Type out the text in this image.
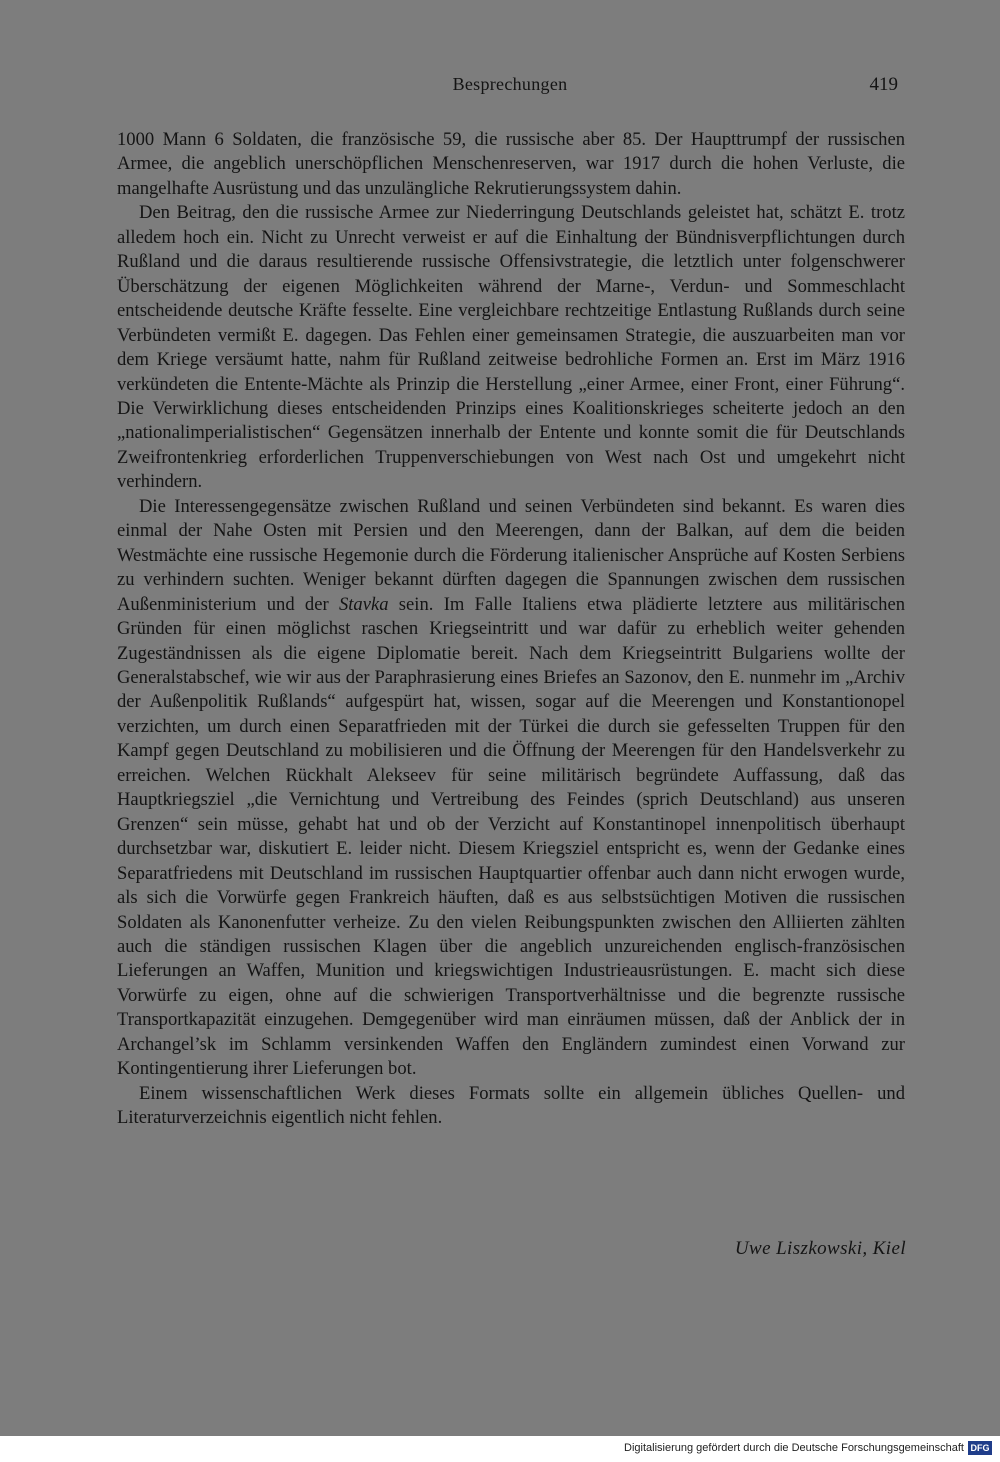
Besprechungen	419

1000 Mann 6 Soldaten, die französische 59, die russische aber 85. Der Haupttrumpf der russischen Armee, die angeblich unerschöpflichen Menschenreserven, war 1917 durch die hohen Verluste, die mangelhafte Ausrüstung und das unzulängliche Rekrutierungssystem dahin.

Den Beitrag, den die russische Armee zur Niederringung Deutschlands geleistet hat, schätzt E. trotz alledem hoch ein. Nicht zu Unrecht verweist er auf die Einhaltung der Bündnisverpflichtungen durch Rußland und die daraus resultierende russische Offensivstrategie, die letztlich unter folgenschwerer Überschätzung der eigenen Möglichkeiten während der Marne-, Verdun- und Sommeschlacht entscheidende deutsche Kräfte fesselte. Eine vergleichbare rechtzeitige Entlastung Rußlands durch seine Verbündeten vermißt E. dagegen. Das Fehlen einer gemeinsamen Strategie, die auszuarbeiten man vor dem Kriege versäumt hatte, nahm für Rußland zeitweise bedrohliche Formen an. Erst im März 1916 verkündeten die Entente-Mächte als Prinzip die Herstellung „einer Armee, einer Front, einer Führung“. Die Verwirklichung dieses entscheidenden Prinzips eines Koalitionskrieges scheiterte jedoch an den „nationalimperialistischen“ Gegensätzen innerhalb der Entente und konnte somit die für Deutschlands Zweifrontenkrieg erforderlichen Truppenverschiebungen von West nach Ost und umgekehrt nicht verhindern.

Die Interessengegensätze zwischen Rußland und seinen Verbündeten sind bekannt. Es waren dies einmal der Nahe Osten mit Persien und den Meerengen, dann der Balkan, auf dem die beiden Westmächte eine russische Hegemonie durch die Förderung italienischer Ansprüche auf Kosten Serbiens zu verhindern suchten. Weniger bekannt dürften dagegen die Spannungen zwischen dem russischen Außenministerium und der Stavka sein. Im Falle Italiens etwa plädierte letztere aus militärischen Gründen für einen möglichst raschen Kriegseintritt und war dafür zu erheblich weiter gehenden Zugeständnissen als die eigene Diplomatie bereit. Nach dem Kriegseintritt Bulgariens wollte der Generalstabschef, wie wir aus der Paraphrasierung eines Briefes an Sazonov, den E. nunmehr im „Archiv der Außenpolitik Rußlands“ aufgespürt hat, wissen, sogar auf die Meerengen und Konstantionopel verzichten, um durch einen Separatfrieden mit der Türkei die durch sie gefesselten Truppen für den Kampf gegen Deutschland zu mobilisieren und die Öffnung der Meerengen für den Handelsverkehr zu erreichen. Welchen Rückhalt Alekseev für seine militärisch begründete Auffassung, daß das Hauptkriegsziel „die Vernichtung und Vertreibung des Feindes (sprich Deutschland) aus unseren Grenzen“ sein müsse, gehabt hat und ob der Verzicht auf Konstantinopel innenpolitisch überhaupt durchsetzbar war, diskutiert E. leider nicht. Diesem Kriegsziel entspricht es, wenn der Gedanke eines Separatfriedens mit Deutschland im russischen Hauptquartier offenbar auch dann nicht erwogen wurde, als sich die Vorwürfe gegen Frankreich häuften, daß es aus selbstsüchtigen Motiven die russischen Soldaten als Kanonenfutter verheize. Zu den vielen Reibungspunkten zwischen den Alliierten zählten auch die ständigen russischen Klagen über die angeblich unzureichenden englisch-französischen Lieferungen an Waffen, Munition und kriegswichtigen Industrieausrüstungen. E. macht sich diese Vorwürfe zu eigen, ohne auf die schwierigen Transportverhältnisse und die begrenzte russische Transportkapazität einzugehen. Demgegenüber wird man einräumen müssen, daß der Anblick der in Archangel’sk im Schlamm versinkenden Waffen den Engländern zumindest einen Vorwand zur Kontingentierung ihrer Lieferungen bot.

Einem wissenschaftlichen Werk dieses Formats sollte ein allgemein übliches Quellen- und Literaturverzeichnis eigentlich nicht fehlen.

Uwe Liszkowski, Kiel
Digitalisierung gefördert durch die Deutsche Forschungsgemeinschaft DFG
